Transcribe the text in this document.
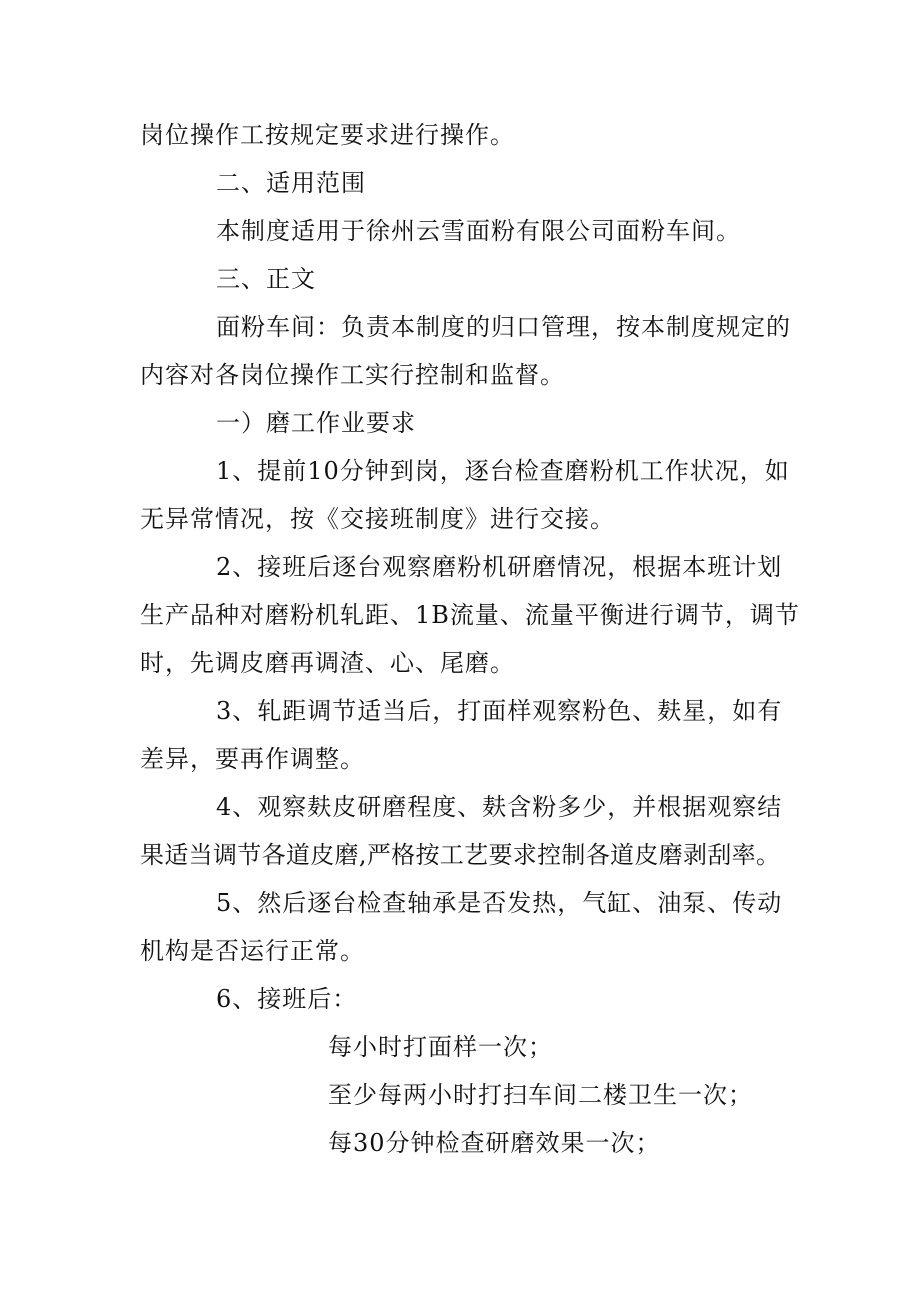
岗位操作工按规定要求进行操作。
二、适用范围
本制度适用于徐州云雪面粉有限公司面粉车间。
三、正文
面粉车间：负责本制度的归口管理，按本制度规定的
内容对各岗位操作工实行控制和监督。
一）磨工作业要求
1、提前10分钟到岗，逐台检查磨粉机工作状况，如
无异常情况，按《交接班制度》进行交接。
2、接班后逐台观察磨粉机研磨情况，根据本班计划
生产品种对磨粉机轧距、1B流量、流量平衡进行调节，调节
时，先调皮磨再调渣、心、尾磨。
3、轧距调节适当后，打面样观察粉色、麸星，如有
差异，要再作调整。
4、观察麸皮研磨程度、麸含粉多少，并根据观察结
果适当调节各道皮磨,严格按工艺要求控制各道皮磨剥刮率。
5、然后逐台检查轴承是否发热，气缸、油泵、传动
机构是否运行正常。
6、接班后：
每小时打面样一次；
至少每两小时打扫车间二楼卫生一次；
每30分钟检查研磨效果一次；
